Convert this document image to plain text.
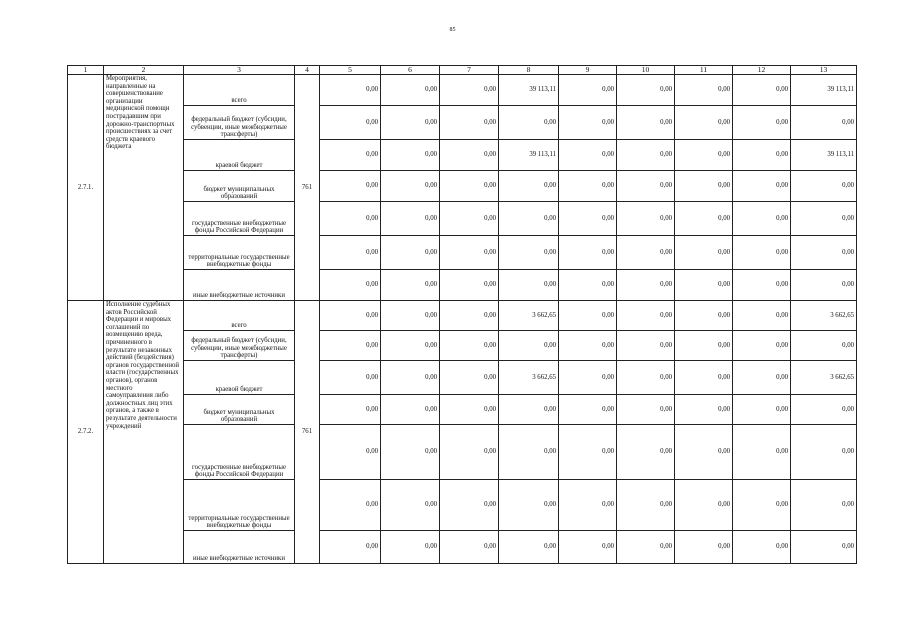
85
1	2	3	4	5	6	7	8	9	10	11	12	13
2.7.1.	Мероприятия, направленные на совершенствование организации медицинской помощи пострадавшим при дорожно-транспортных происшествиях за счет средств краевого бюджета	всего	761	0,00	0,00	0,00	39 113,11	0,00	0,00	0,00	0,00	39 113,11
		федеральный бюджет (субсидии, субвенции, иные межбюджетные трансферты)		0,00	0,00	0,00	0,00	0,00	0,00	0,00	0,00	0,00
		краевой бюджет		0,00	0,00	0,00	39 113,11	0,00	0,00	0,00	0,00	39 113,11
		бюджет муниципальных образований		0,00	0,00	0,00	0,00	0,00	0,00	0,00	0,00	0,00
		государственные внебюджетные фонды Российской Федерации		0,00	0,00	0,00	0,00	0,00	0,00	0,00	0,00	0,00
		территориальные государственные внебюджетные фонды		0,00	0,00	0,00	0,00	0,00	0,00	0,00	0,00	0,00
		иные внебюджетные источники		0,00	0,00	0,00	0,00	0,00	0,00	0,00	0,00	0,00
2.7.2.	Исполнение судебных актов Российской Федерации и мировых соглашений по возмещению вреда, причиненного в результате незаконных действий (бездействия) органов государственной власти (государственных органов), органов местного самоуправления либо должностных лиц этих органов, а также в результате деятельности учреждений	всего	761	0,00	0,00	0,00	3 662,65	0,00	0,00	0,00	0,00	3 662,65
		федеральный бюджет (субсидии, субвенции, иные межбюджетные трансферты)		0,00	0,00	0,00	0,00	0,00	0,00	0,00	0,00	0,00
		краевой бюджет		0,00	0,00	0,00	3 662,65	0,00	0,00	0,00	0,00	3 662,65
		бюджет муниципальных образований		0,00	0,00	0,00	0,00	0,00	0,00	0,00	0,00	0,00
		государственные внебюджетные фонды Российской Федерации		0,00	0,00	0,00	0,00	0,00	0,00	0,00	0,00	0,00
		территориальные государственные внебюджетные фонды		0,00	0,00	0,00	0,00	0,00	0,00	0,00	0,00	0,00
		иные внебюджетные источники		0,00	0,00	0,00	0,00	0,00	0,00	0,00	0,00	0,00
